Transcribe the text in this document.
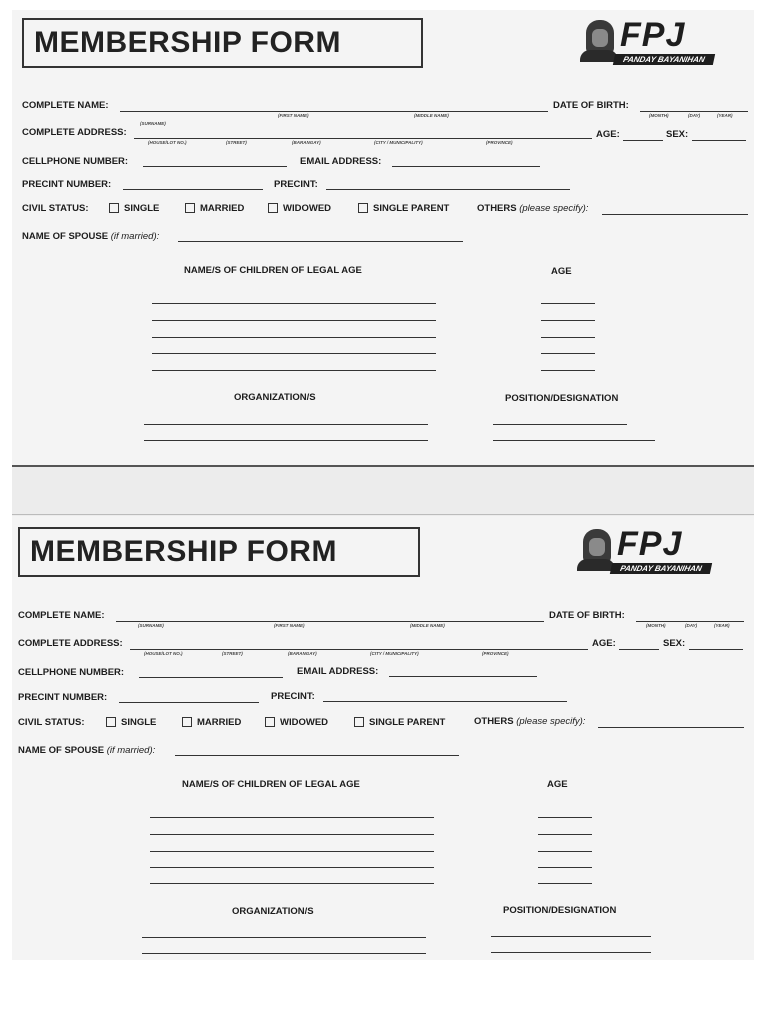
MEMBERSHIP FORM	FPJ
PANDAY BAYANIHAN
COMPLETE NAME:
(SURNAME)
(FIRST NAME)	(MIDDLE NAME)
DATE OF BIRTH:
(MONTH)	(DAY)	(YEAR)
COMPLETE ADDRESS:
(HOUSE/LOT NO.)	(STREET)	(BARANGAY)	(CITY / MUNICIPALITY)	(PROVINCE)
AGE:	SEX:
CELLPHONE NUMBER:	EMAIL ADDRESS:
PRECINT NUMBER:	PRECINT:
CIVIL STATUS:	SINGLE	MARRIED	WIDOWED	SINGLE PARENT	OTHERS (please specify):
NAME OF SPOUSE (if married):
NAME/S OF CHILDREN OF LEGAL AGE	AGE
ORGANIZATION/S	POSITION/DESIGNATION
MEMBERSHIP FORM	FPJ
PANDAY BAYANIHAN
COMPLETE NAME:
(SURNAME)	(FIRST NAME)	(MIDDLE NAME)
DATE OF BIRTH:
(MONTH)	(DAY)	(YEAR)
COMPLETE ADDRESS:
(HOUSE/LOT NO.)	(STREET)	(BARANGAY)	(CITY / MUNICIPALITY)	(PROVINCE)
AGE:	SEX:
CELLPHONE NUMBER:	EMAIL ADDRESS:
PRECINT NUMBER:	PRECINT:
CIVIL STATUS:	SINGLE	MARRIED	WIDOWED	SINGLE PARENT	OTHERS (please specify):
NAME OF SPOUSE (if married):
NAME/S OF CHILDREN OF LEGAL AGE	AGE
ORGANIZATION/S	POSITION/DESIGNATION
